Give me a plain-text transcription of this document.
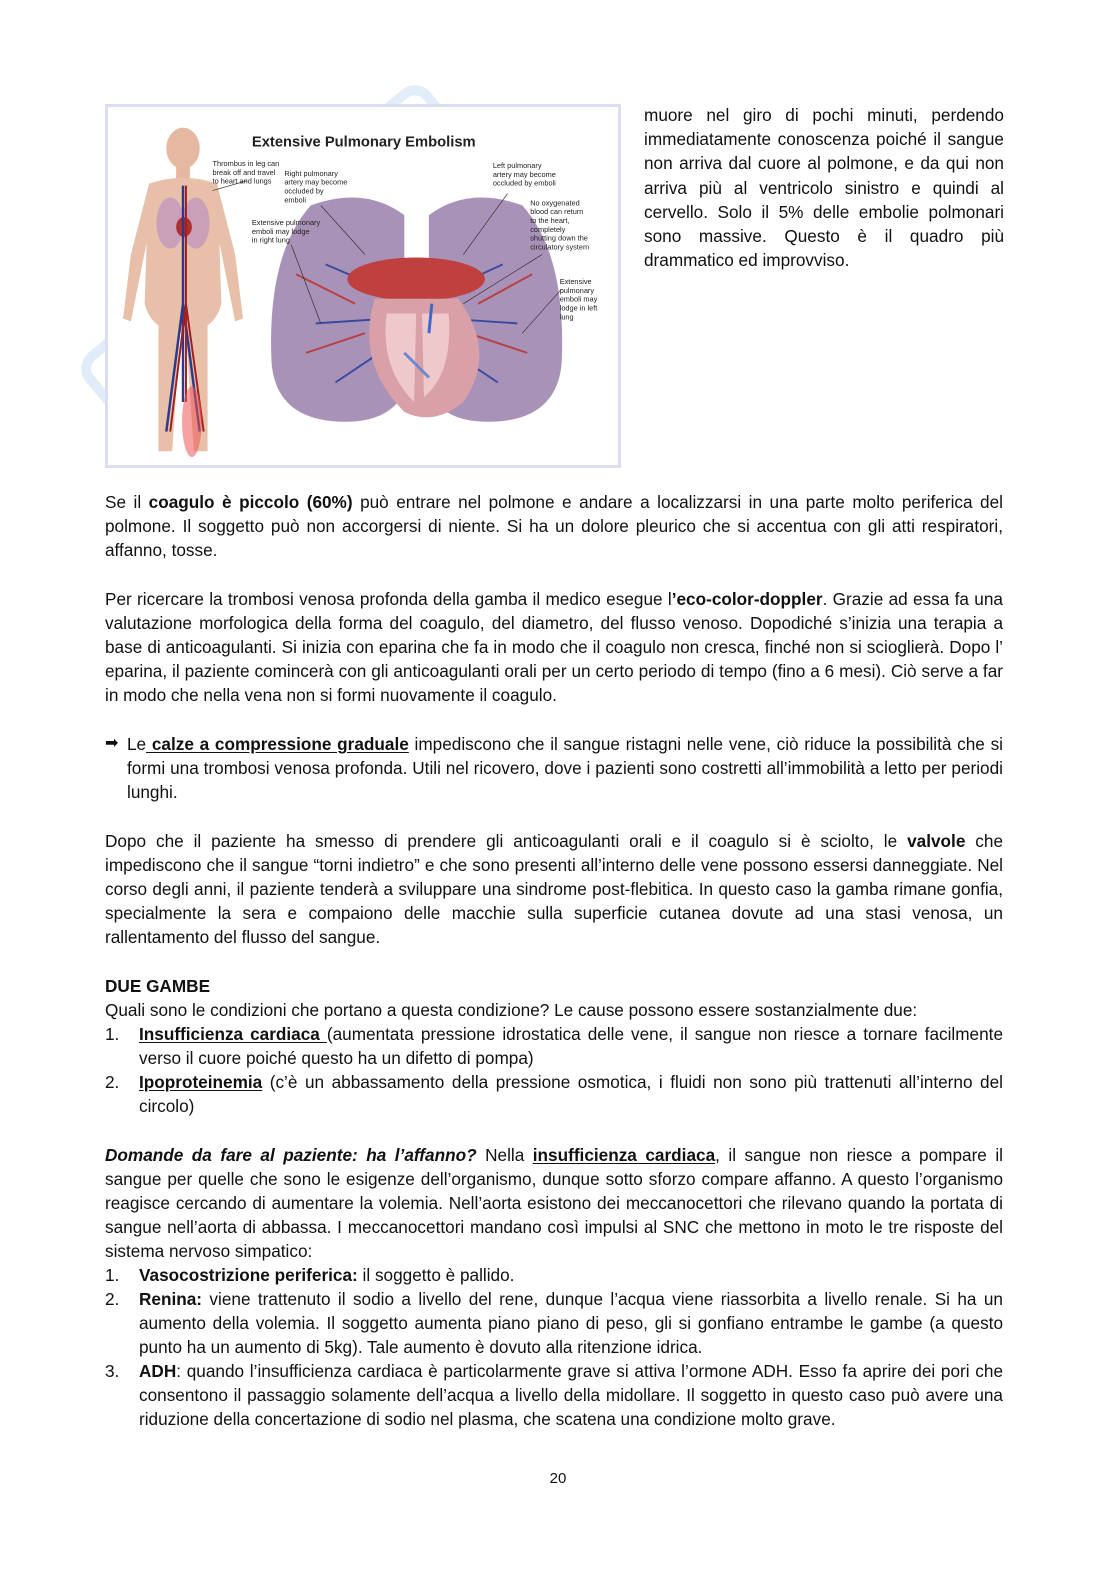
Extensive Pulmonary Embolism
Thrombus in leg can break off and travel to heart and lungs
Right pulmonary artery may become occluded by emboli
Extensive pulmonary emboli may lodge in right lung
Left pulmonary artery may become occluded by emboli
No oxygenated blood can return to the heart, completely shutting down the circulatory system
Extensive pulmonary emboli may lodge in left lung
muore nel giro di pochi minuti, perdendo immediatamente conoscenza poiché il sangue non arriva dal cuore al polmone, e da qui non arriva più al ventricolo sinistro e quindi al cervello. Solo il 5% delle embolie polmonari sono massive. Questo è il quadro più drammatico ed improvviso.

Se il coagulo è piccolo (60%) può entrare nel polmone e andare a localizzarsi in una parte molto periferica del polmone. Il soggetto può non accorgersi di niente. Si ha un dolore pleurico che si accentua con gli atti respiratori, affanno, tosse.

Per ricercare la trombosi venosa profonda della gamba il medico esegue l’eco-color-doppler. Grazie ad essa fa una valutazione morfologica della forma del coagulo, del diametro, del flusso venoso. Dopodiché s’inizia una terapia a base di anticoagulanti. Si inizia con eparina che fa in modo che il coagulo non cresca, finché non si scioglierà. Dopo l’ eparina, il paziente comincerà con gli anticoagulanti orali per un certo periodo di tempo (fino a 6 mesi). Ciò serve a far in modo che nella vena non si formi nuovamente il coagulo.

➡ Le calze a compressione graduale impediscono che il sangue ristagni nelle vene, ciò riduce la possibilità che si formi una trombosi venosa profonda. Utili nel ricovero, dove i pazienti sono costretti all’immobilità a letto per periodi lunghi.

Dopo che il paziente ha smesso di prendere gli anticoagulanti orali e il coagulo si è sciolto, le valvole che impediscono che il sangue “torni indietro” e che sono presenti all’interno delle vene possono essersi danneggiate. Nel corso degli anni, il paziente tenderà a sviluppare una sindrome post-flebitica. In questo caso la gamba rimane gonfia, specialmente la sera e compaiono delle macchie sulla superficie cutanea dovute ad una stasi venosa, un rallentamento del flusso del sangue.

DUE GAMBE
Quali sono le condizioni che portano a questa condizione? Le cause possono essere sostanzialmente due:
1.	Insufficienza cardiaca (aumentata pressione idrostatica delle vene, il sangue non riesce a tornare facilmente verso il cuore poiché questo ha un difetto di pompa)
2.	Ipoproteinemia (c’è un abbassamento della pressione osmotica, i fluidi non sono più trattenuti all’interno del circolo)

Domande da fare al paziente: ha l’affanno? Nella insufficienza cardiaca, il sangue non riesce a pompare il sangue per quelle che sono le esigenze dell’organismo, dunque sotto sforzo compare affanno. A questo l’organismo reagisce cercando di aumentare la volemia. Nell’aorta esistono dei meccanocettori che rilevano quando la portata di sangue nell’aorta di abbassa. I meccanocettori mandano così impulsi al SNC che mettono in moto le tre risposte del sistema nervoso simpatico:

1.	Vasocostrizione periferica: il soggetto è pallido.
2.	Renina: viene trattenuto il sodio a livello del rene, dunque l’acqua viene riassorbita a livello renale. Si ha un aumento della volemia. Il soggetto aumenta piano piano di peso, gli si gonfiano entrambe le gambe (a questo punto ha un aumento di 5kg). Tale aumento è dovuto alla ritenzione idrica.
3.	ADH: quando l’insufficienza cardiaca è particolarmente grave si attiva l’ormone ADH. Esso fa aprire dei pori che consentono il passaggio solamente dell’acqua a livello della midollare. Il soggetto in questo caso può avere una riduzione della concertazione di sodio nel plasma, che scatena una condizione molto grave.
20
